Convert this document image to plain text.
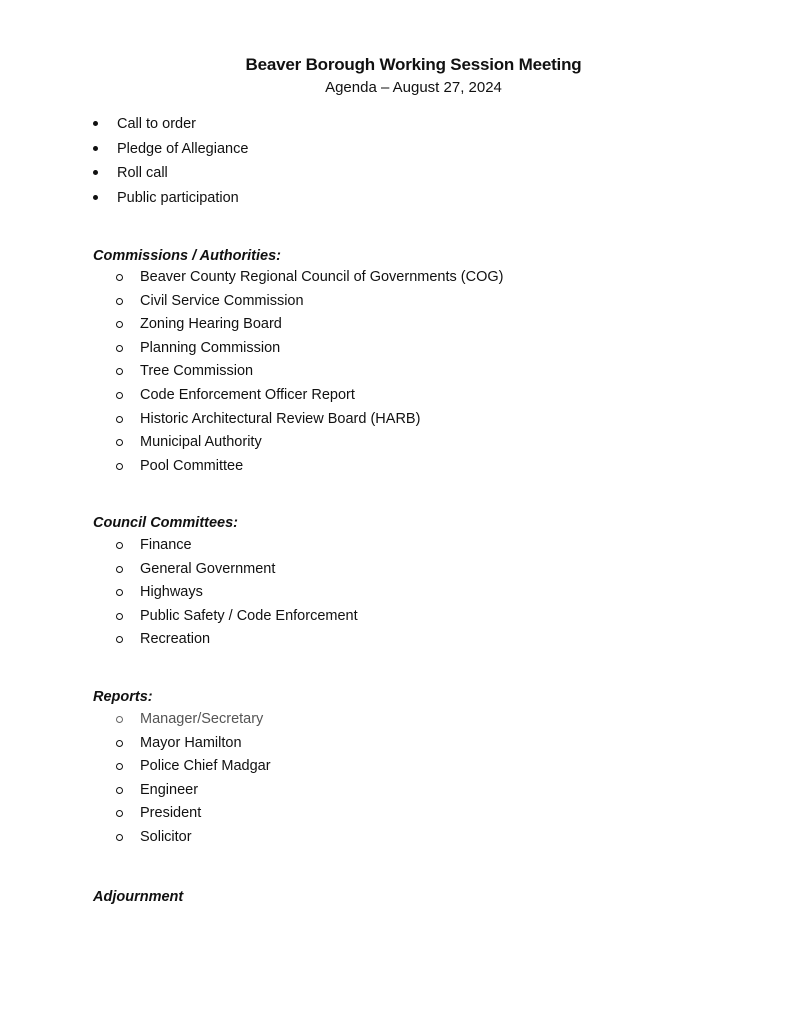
Beaver Borough Working Session Meeting
Agenda – August 27, 2024
Call to order
Pledge of Allegiance
Roll call
Public participation
Commissions / Authorities:
Beaver County Regional Council of Governments (COG)
Civil Service Commission
Zoning Hearing Board
Planning Commission
Tree Commission
Code Enforcement Officer Report
Historic Architectural Review Board (HARB)
Municipal Authority
Pool Committee
Council Committees:
Finance
General Government
Highways
Public Safety / Code Enforcement
Recreation
Reports:
Manager/Secretary
Mayor Hamilton
Police Chief Madgar
Engineer
President
Solicitor
Adjournment
